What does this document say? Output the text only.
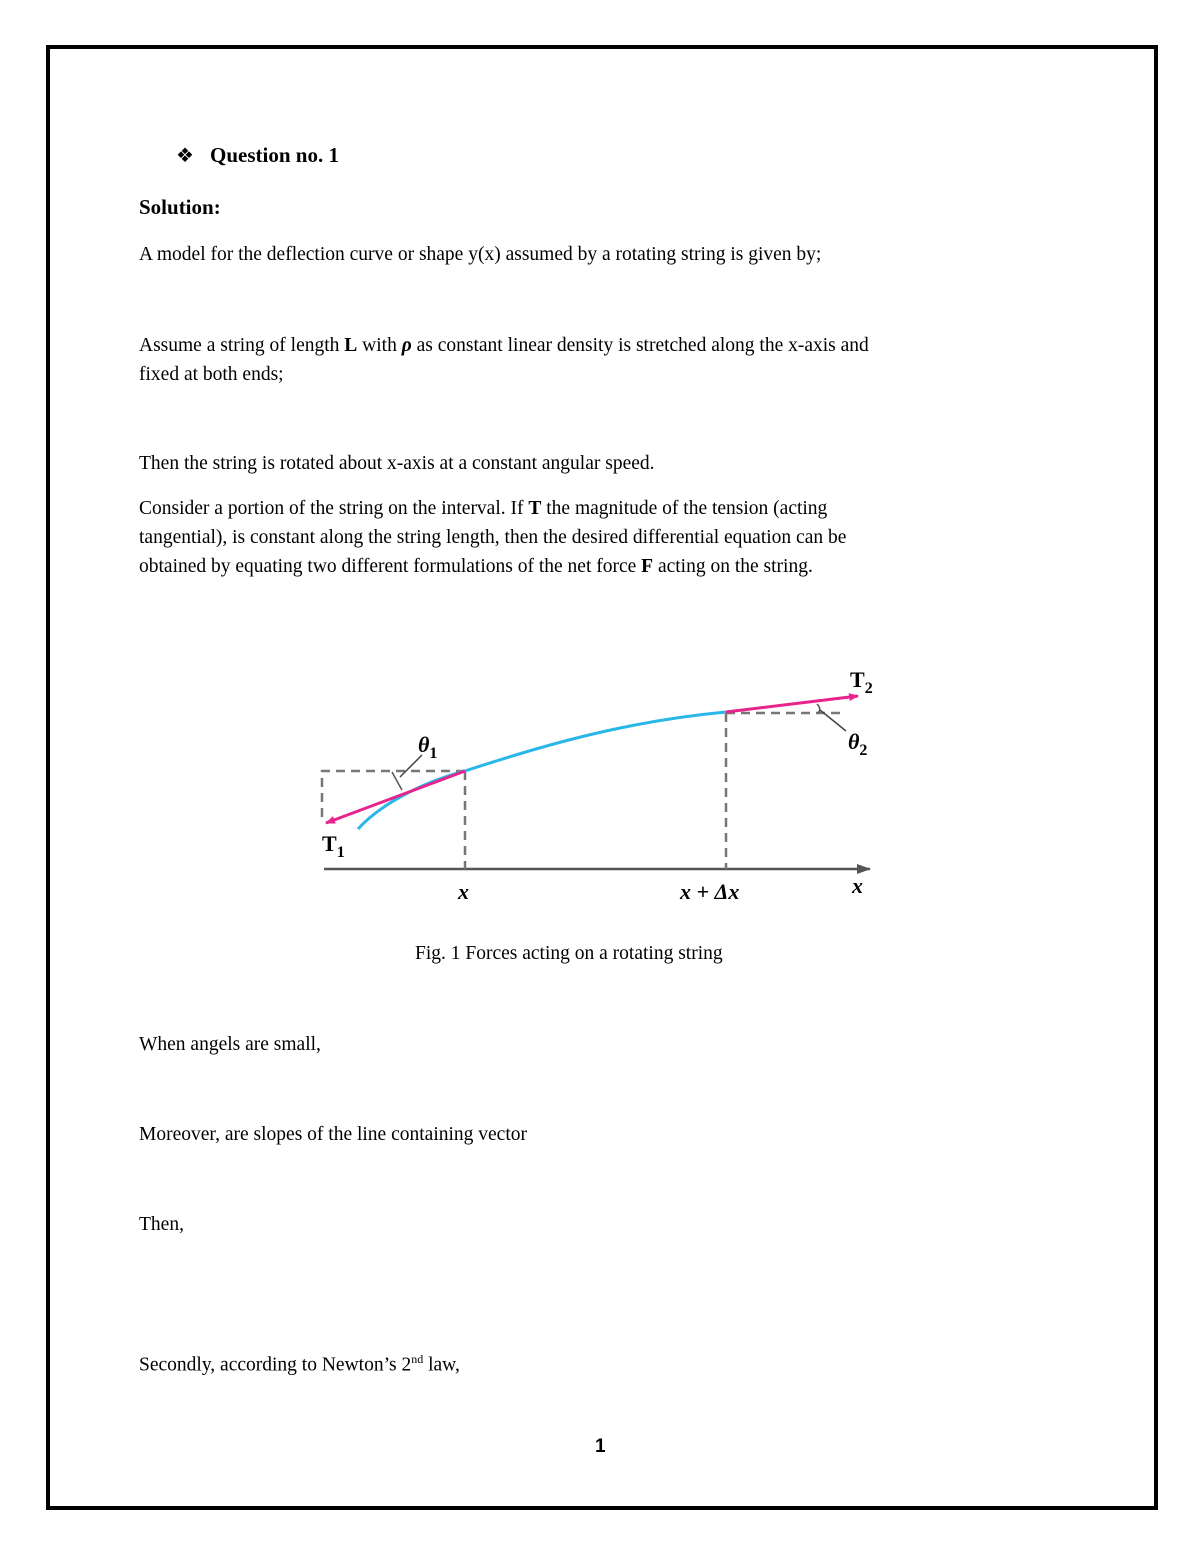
❖ Question no. 1
Solution:
A model for the deflection curve or shape y(x) assumed by a rotating string is given by;
Assume a string of length L with ρ as constant linear density is stretched along the x-axis and
fixed at both ends;
Then the string is rotated about x-axis at a constant angular speed.
Consider a portion of the string on the interval. If T the magnitude of the tension (acting
tangential), is constant along the string length, then the desired differential equation can be
obtained by equating two different formulations of the net force F acting on the string.
$T_2$
$\theta_1$	$\theta_2$
$T_1$
x	x + Δx	x
Fig. 1 Forces acting on a rotating string
When angels are small,
Moreover, are slopes of the line containing vector
Then,
Secondly, according to Newton’s 2nd law,
1
